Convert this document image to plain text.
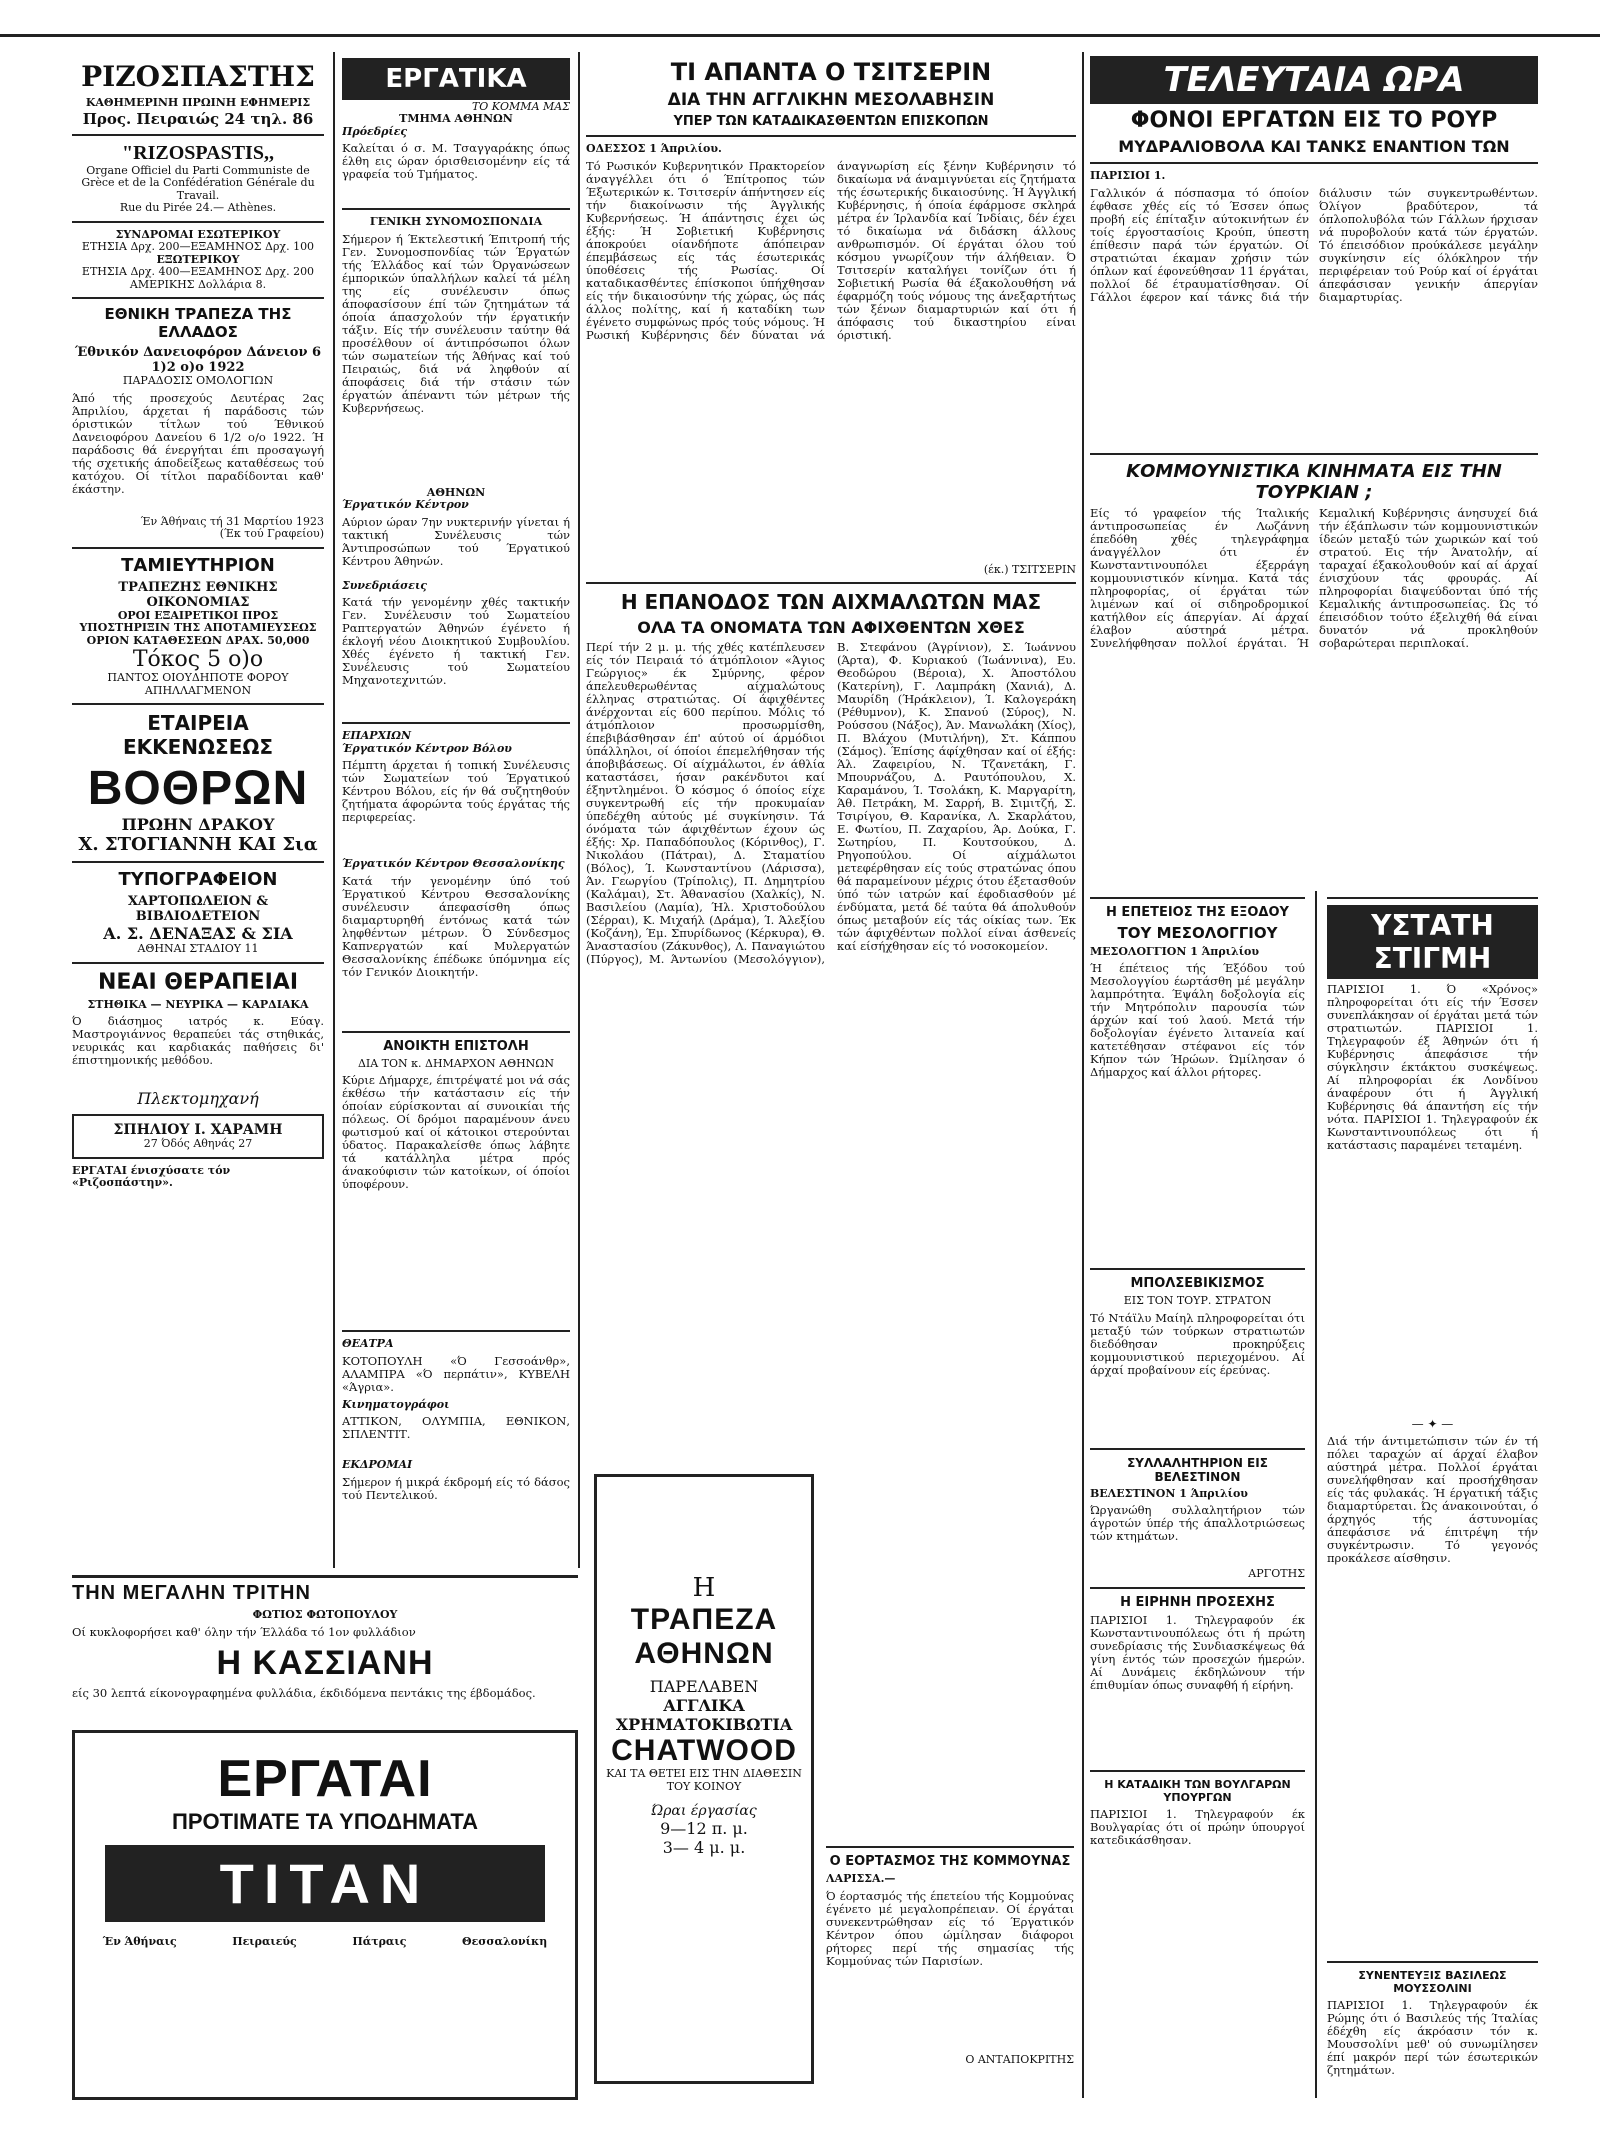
ΡΙΖΟΣΠΑΣΤΗΣ
ΚΑΘΗΜΕΡΙΝΗ ΠΡΩΙΝΗ ΕΦΗΜΕΡΙΣ
Προς. Πειραιώς 24 τηλ. 86
"RIZOSPASTIS,,
Organe Officiel du Parti Communiste de Grèce et de la Confédération Générale du Travail.
Rue du Pirée 24.— Athènes.
ΣΥΝΔΡΟΜΑΙ ΕΣΩΤΕΡΙΚΟΥ
ΕΤΗΣΙΑ Δρχ. 200—ΕΞΑΜΗΝΟΣ Δρχ. 100
ΕΞΩΤΕΡΙΚΟΥ
ΕΤΗΣΙΑ Δρχ. 400—ΕΞΑΜΗΝΟΣ Δρχ. 200 ΑΜΕΡΙΚΗΣ Δολλάρια 8.
ΕΘΝΙΚΗ ΤΡΑΠΕΖΑ ΤΗΣ ΕΛΛΑΔΟΣ
Έθνικόν Δανειοφόρον Δάνειον 6 1)2 ο)ο 1922
ΠΑΡΑΔΟΣΙΣ ΟΜΟΛΟΓΙΩΝ
Άπό τής προσεχούς Δευτέρας 2ας Άπριλίου, άρχεται ή παράδοσις τών όριστικών τίτλων τού Έθνικού Δανειοφόρου Δανείου 6 1/2 ο/ο 1922. Ή παράδοσις θά ένεργήται έπι προσαγωγή τής σχετικής άποδείξεως καταθέσεως τού κατόχου. Οί τίτλοι παραδίδονται καθ' έκάστην.
Έν Άθήναις τή 31 Μαρτίου 1923
(Έκ τού Γραφείου)
ΤΑΜΙΕΥΤΗΡΙΟΝ
ΤΡΑΠΕΖΗΣ ΕΘΝΙΚΗΣ ΟΙΚΟΝΟΜΙΑΣ
ΟΡΟΙ ΕΞΑΙΡΕΤΙΚΟΙ ΠΡΟΣ ΥΠΟΣΤΗΡΙΞΙΝ ΤΗΣ ΑΠΟΤΑΜΙΕΥΣΕΩΣ
ΟΡΙΟΝ ΚΑΤΑΘΕΣΕΩΝ ΔΡΑΧ. 50,000
Τόκος 5 ο)ο
ΠΑΝΤΟΣ ΟΙΟΥΔΗΠΟΤΕ ΦΟΡΟΥ ΑΠΗΛΛΑΓΜΕΝΟΝ
ΕΤΑΙΡΕΙΑ ΕΚΚΕΝΩΣΕΩΣ
ΒΟΘΡΩΝ
ΠΡΩΗΝ ΔΡΑΚΟΥ
Χ. ΣΤΟΓΙΑΝΝΗ ΚΑΙ Σια
ΤΥΠΟΓΡΑΦΕΙΟΝ
ΧΑΡΤΟΠΩΛΕΙΟΝ & ΒΙΒΛΙΟΔΕΤΕΙΟΝ
Α. Σ. ΔΕΝΑΞΑΣ & ΣΙΑ
ΑΘΗΝΑΙ ΣΤΑΔΙΟΥ 11
ΝΕΑΙ ΘΕΡΑΠΕΙΑΙ
ΣΤΗΘΙΚΑ — ΝΕΥΡΙΚΑ — ΚΑΡΔΙΑΚΑ
Ό διάσημος ιατρός κ. Εύαγ. Μαστρογιάννος θεραπεύει τάς στηθικάς, νευρικάς και καρδιακάς παθήσεις δι' έπιστημονικής μεθόδου.
Πλεκτομηχανή
ΣΠΗΛΙΟΥ Ι. ΧΑΡΑΜΗ
27 Όδός Αθηνάς 27
ΕΡΓΑΤΑΙ ένισχύσατε τόν «Ριζοσπάστην».
ΕΡΓΑΤΙΚΑ
ΤΟ ΚΟΜΜΑ ΜΑΣ
ΤΜΗΜΑ ΑΘΗΝΩΝ
Πρόεδρίες
Καλείται ό σ. Μ. Τσαγγαράκης όπως έλθη εις ώραν όρισθεισομένην είς τά γραφεία τού Τμήματος.
ΓΕΝΙΚΗ ΣΥΝΟΜΟΣΠΟΝΔΙΑ
Σήμερον ή Έκτελεστική Έπιτροπή τής Γεν. Συνομοσπονδίας τών Έργατών τής Έλλάδος καί τών Όργανώσεων έμπορικών ύπαλλήλων καλεί τά μέλη της είς συνέλευσιν όπως άποφασίσουν έπί τών ζητημάτων τά όποία άπασχολούν τήν έργατικήν τάξιν. Είς τήν συνέλευσιν ταύτην θά προσέλθουν οί άντιπρόσωποι όλων τών σωματείων τής Άθήνας καί τού Πειραιώς, διά νά ληφθούν αί άποφάσεις διά τήν στάσιν τών έργατών άπέναντι τών μέτρων τής Κυβερνήσεως.
ΑΘΗΝΩΝ
Έργατικόν Κέντρον
Αύριον ώραν 7ην νυκτερινήν γίνεται ή τακτική Συνέλευσις τών Άντιπροσώπων τού Έργατικού Κέντρου Άθηνών.
Συνεδριάσεις
Κατά τήν γενομένην χθές τακτικήν Γεν. Συνέλευσιν τού Σωματείου Ραπτεργατών Άθηνών έγένετο ή έκλογή νέου Διοικητικού Συμβουλίου. Χθές έγένετο ή τακτική Γεν. Συνέλευσις τού Σωματείου Μηχανοτεχνιτών.
ΕΠΑΡΧΙΩΝ
Έργατικόν Κέντρον Βόλου
Πέμπτη άρχεται ή τοπική Συνέλευσις τών Σωματείων τού Έργατικού Κέντρου Βόλου, είς ήν θά συζητηθούν ζητήματα άφορώντα τούς έργάτας τής περιφερείας.
Έργατικόν Κέντρον Θεσσαλονίκης
Κατά τήν γενομένην ύπό τού Έργατικού Κέντρου Θεσσαλονίκης συνέλευσιν άπεφασίσθη όπως διαμαρτυρηθή έντόνως κατά τών ληφθέντων μέτρων. Ό Σύνδεσμος Καπνεργατών καί Μυλεργατών Θεσσαλονίκης έπέδωκε ύπόμνημα είς τόν Γενικόν Διοικητήν.
ΑΝΟΙΚΤΗ ΕΠΙΣΤΟΛΗ
ΔΙΑ ΤΟΝ κ. ΔΗΜΑΡΧΟΝ ΑΘΗΝΩΝ
Κύριε Δήμαρχε, έπιτρέψατέ μοι νά σάς έκθέσω τήν κατάστασιν είς τήν όποίαν εύρίσκονται αί συνοικίαι τής πόλεως. Οί δρόμοι παραμένουν άνευ φωτισμού καί οί κάτοικοι στερούνται ύδατος. Παρακαλείσθε όπως λάβητε τά κατάλληλα μέτρα πρός άνακούφισιν τών κατοίκων, οί όποίοι ύποφέρουν.
ΘΕΑΤΡΑ
ΚΟΤΟΠΟΥΛΗ «Ό Γεσσοάνθρ», ΑΛΑΜΠΡΑ «Ό περπάτιν», ΚΥΒΕΛΗ «Άγρια».
Κινηματογράφοι
ΑΤΤΙΚΟΝ, ΟΛΥΜΠΙΑ, ΕΘΝΙΚΟΝ, ΣΠΛΕΝΤΙΤ.
ΕΚΔΡΟΜΑΙ
Σήμερον ή μικρά έκδρομή είς τό δάσος τού Πεντελικού.
ΤΙ ΑΠΑΝΤΑ Ο ΤΣΙΤΣΕΡΙΝ
ΔΙΑ ΤΗΝ ΑΓΓΛΙΚΗΝ ΜΕΣΟΛΑΒΗΣΙΝ
ΥΠΕΡ ΤΩΝ ΚΑΤΑΔΙΚΑΣΘΕΝΤΩΝ ΕΠΙΣΚΟΠΩΝ
ΟΔΕΣΣΟΣ 1 Άπριλίου.
Τό Ρωσικόν Κυβερνητικόν Πρακτορείον άναγγέλλει ότι ό Έπίτροπος τών Έξωτερικών κ. Τσιτσερίν άπήντησεν είς τήν διακοίνωσιν τής Άγγλικής Κυβερνήσεως. Ή άπάντησις έχει ώς έξής: Ή Σοβιετική Κυβέρνησις άποκρούει οίανδήποτε άπόπειραν έπεμβάσεως είς τάς έσωτερικάς ύποθέσεις τής Ρωσίας. Οί καταδικασθέντες έπίσκοποι ύπήχθησαν είς τήν δικαιοσύνην τής χώρας, ώς πάς άλλος πολίτης, καί ή καταδίκη των έγένετο συμφώνως πρός τούς νόμους. Ή Ρωσική Κυβέρνησις δέν δύναται νά άναγνωρίση είς ξένην Κυβέρνησιν τό δικαίωμα νά άναμιγνύεται είς ζητήματα τής έσωτερικής δικαιοσύνης. Ή Άγγλική Κυβέρνησις, ή όποία έφάρμοσε σκληρά μέτρα έν Ίρλανδία καί Ίνδίαις, δέν έχει τό δικαίωμα νά διδάσκη άλλους ανθρωπισμόν. Οί έργάται όλου τού κόσμου γνωρίζουν τήν άλήθειαν. Ό Τσιτσερίν καταλήγει τονίζων ότι ή Σοβιετική Ρωσία θά έξακολουθήση νά έφαρμόζη τούς νόμους της άνεξαρτήτως τών ξένων διαμαρτυριών καί ότι ή άπόφασις τού δικαστηρίου είναι όριστική.
(έκ.) ΤΣΙΤΣΕΡΙΝ
Η ΕΠΑΝΟΔΟΣ ΤΩΝ ΑΙΧΜΑΛΩΤΩΝ ΜΑΣ
ΟΛΑ ΤΑ ΟΝΟΜΑΤΑ ΤΩΝ ΑΦΙΧΘΕΝΤΩΝ ΧΘΕΣ
Περί τήν 2 μ. μ. τής χθές κατέπλευσεν είς τόν Πειραιά τό άτμόπλοιον «Άγιος Γεώργιος» έκ Σμύρνης, φέρον άπελευθερωθέντας αίχμαλώτους έλληνας στρατιώτας. Οί άφιχθέντες άνέρχονται είς 600 περίπου. Μόλις τό άτμόπλοιον προσωρμίσθη, έπεβιβάσθησαν έπ' αύτού οί άρμόδιοι ύπάλληλοι, οί όποίοι έπεμελήθησαν τής άποβιβάσεως. Οί αίχμάλωτοι, έν άθλία καταστάσει, ήσαν ρακένδυτοι καί έξηντλημένοι. Ό κόσμος ό όποίος είχε συγκεντρωθή είς τήν προκυμαίαν ύπεδέχθη αύτούς μέ συγκίνησιν. Τά όνόματα τών άφιχθέντων έχουν ώς έξής: Χρ. Παπαδόπουλος (Κόρινθος), Γ. Νικολάου (Πάτραι), Δ. Σταματίου (Βόλος), Ί. Κωνσταντίνου (Λάρισσα), Άν. Γεωργίου (Τρίπολις), Π. Δημητρίου (Καλάμαι), Στ. Άθανασίου (Χαλκίς), Ν. Βασιλείου (Λαμία), Ήλ. Χριστοδούλου (Σέρραι), Κ. Μιχαήλ (Δράμα), Ί. Άλεξίου (Κοζάνη), Έμ. Σπυρίδωνος (Κέρκυρα), Θ. Άναστασίου (Ζάκυνθος), Λ. Παναγιώτου (Πύργος), Μ. Άντωνίου (Μεσολόγγιον), Β. Στεφάνου (Άγρίνιον), Σ. Ίωάννου (Άρτα), Φ. Κυριακού (Ίωάννινα), Ευ. Θεοδώρου (Βέροια), Χ. Άποστόλου (Κατερίνη), Γ. Λαμπράκη (Χανιά), Δ. Μαυρίδη (Ήράκλειον), Ί. Καλογεράκη (Ρέθυμνον), Κ. Σπανού (Σύρος), Ν. Ρούσσου (Νάξος), Άν. Μανωλάκη (Χίος), Π. Βλάχου (Μυτιλήνη), Στ. Κάππου (Σάμος). Έπίσης άφίχθησαν καί οί έξής: Άλ. Ζαφειρίου, Ν. Τζανετάκη, Γ. Μπουρνάζου, Δ. Ραυτόπουλου, Χ. Καραμάνου, Ί. Τσολάκη, Κ. Μαργαρίτη, Άθ. Πετράκη, Μ. Σαρρή, Β. Σιμιτζή, Σ. Τσιρίγου, Θ. Καρανίκα, Λ. Σκαρλάτου, Ε. Φωτίου, Π. Ζαχαρίου, Άρ. Δούκα, Γ. Σωτηρίου, Π. Κουτσούκου, Δ. Ρηγοπούλου. Οί αίχμάλωτοι μετεφέρθησαν είς τούς στρατώνας όπου θά παραμείνουν μέχρις ότου έξετασθούν ύπό τών ιατρών καί έφοδιασθούν μέ ένδύματα, μετά δέ ταύτα θά άπολυθούν όπως μεταβούν είς τάς οίκίας των. Έκ τών άφιχθέντων πολλοί είναι άσθενείς καί είσήχθησαν είς τό νοσοκομείον.
Η
ΤΡΑΠΕΖΑ ΑΘΗΝΩΝ
ΠΑΡΕΛΑΒΕΝ
ΑΓΓΛΙΚΑ ΧΡΗΜΑΤΟΚΙΒΩΤΙΑ
CHATWOOD
ΚΑΙ ΤΑ ΘΕΤΕΙ ΕΙΣ ΤΗΝ ΔΙΑΘΕΣΙΝ ΤΟΥ ΚΟΙΝΟΥ
Ώραι έργασίας
9—12 π. μ.
3— 4 μ. μ.
Ο ΕΟΡΤΑΣΜΟΣ ΤΗΣ ΚΟΜΜΟΥΝΑΣ
ΛΑΡΙΣΣΑ.—
Ό έορτασμός τής έπετείου τής Κομμούνας έγένετο μέ μεγαλοπρέπειαν. Οί έργάται συνεκεντρώθησαν είς τό Έργατικόν Κέντρον όπου ώμίλησαν διάφοροι ρήτορες περί τής σημασίας τής Κομμούνας τών Παρισίων.
Ο ΑΝΤΑΠΟΚΡΙΤΗΣ
ΤΕΛΕΥΤΑΙΑ ΩΡΑ
ΦΟΝΟΙ ΕΡΓΑΤΩΝ ΕΙΣ ΤΟ ΡΟΥΡ
ΜΥΔΡΑΛΙΟΒΟΛΑ ΚΑΙ ΤΑΝΚΣ ΕΝΑΝΤΙΟΝ ΤΩΝ
ΠΑΡΙΣΙΟΙ 1.
Γαλλικόν ά πόσπασμα τό όποίον έφθασε χθές είς τό Έσσεν όπως προβή είς έπίταξιν αύτοκινήτων έν τοίς έργοστασίοις Κρούπ, ύπεστη έπίθεσιν παρά τών έργατών. Οί στρατιώται έκαμαν χρήσιν τών όπλων καί έφονεύθησαν 11 έργάται, πολλοί δέ έτραυματίσθησαν. Οί Γάλλοι έφερον καί τάνκς διά τήν διάλυσιν τών συγκεντρωθέντων. Όλίγον βραδύτερον, τά όπλοπολυβόλα τών Γάλλων ήρχισαν νά πυροβολούν κατά τών έργατών. Τό έπεισόδιον προύκάλεσε μεγάλην συγκίνησιν είς όλόκληρον τήν περιφέρειαν τού Ρούρ καί οί έργάται άπεφάσισαν γενικήν άπεργίαν διαμαρτυρίας.
ΚΟΜΜΟΥΝΙΣΤΙΚΑ ΚΙΝΗΜΑΤΑ ΕΙΣ ΤΗΝ ΤΟΥΡΚΙΑΝ ;
Είς τό γραφείον τής Ίταλικής άντιπροσωπείας έν Λωζάννη έπεδόθη χθές τηλεγράφημα άναγγέλλον ότι έν Κωνσταντινουπόλει έξερράγη κομμουνιστικόν κίνημα. Κατά τάς πληροφορίας, οί έργάται τών λιμένων καί οί σιδηροδρομικοί κατήλθον είς άπεργίαν. Αί άρχαί έλαβον αύστηρά μέτρα. Συνελήφθησαν πολλοί έργάται. Ή Κεμαλική Κυβέρνησις άνησυχεί διά τήν έξάπλωσιν τών κομμουνιστικών ίδεών μεταξύ τών χωρικών καί τού στρατού. Εις τήν Άνατολήν, αί ταραχαί έξακολουθούν καί αί άρχαί ένισχύουν τάς φρουράς. Αί πληροφορίαι διαψεύδονται ύπό τής Κεμαλικής άντιπροσωπείας. Ώς τό έπεισόδιον τούτο έξελιχθή θά είναι δυνατόν νά προκληθούν σοβαρώτεραι περιπλοκαί.
Η ΕΠΕΤΕΙΟΣ ΤΗΣ ΕΞΟΔΟΥ
ΤΟΥ ΜΕΣΟΛΟΓΓΙΟΥ
ΜΕΣΟΛΟΓΓΙΟΝ 1 Άπριλίου
Ή έπέτειος τής Έξόδου τού Μεσολογγίου έωρτάσθη μέ μεγάλην λαμπρότητα. Έψάλη δοξολογία είς τήν Μητρόπολιν παρουσία τών άρχών καί τού λαού. Μετά τήν δοξολογίαν έγένετο λιτανεία καί κατετέθησαν στέφανοι είς τόν Κήπον τών Ήρώων. Ώμίλησαν ό Δήμαρχος καί άλλοι ρήτορες.
ΜΠΟΛΣΕΒΙΚΙΣΜΟΣ
ΕΙΣ ΤΟΝ ΤΟΥΡ. ΣΤΡΑΤΟΝ
Τό Ντάϊλυ Μαίηλ πληροφορείται ότι μεταξύ τών τούρκων στρατιωτών διεδόθησαν προκηρύξεις κομμουνιστικού περιεχομένου. Αί άρχαί προβαίνουν είς έρεύνας.
ΣΥΛΛΑΛΗΤΗΡΙΟΝ ΕΙΣ ΒΕΛΕΣΤΙΝΟΝ
ΒΕΛΕΣΤΙΝΟΝ 1 Άπριλίου
Ώργανώθη συλλαλητήριον τών άγροτών ύπέρ τής άπαλλοτριώσεως τών κτημάτων.
ΑΡΓΟΤΗΣ
Η ΕΙΡΗΝΗ ΠΡΟΣΕΧΗΣ
ΠΑΡΙΣΙΟΙ 1. Τηλεγραφούν έκ Κωνσταντινουπόλεως ότι ή πρώτη συνεδρίασις τής Συνδιασκέψεως θά γίνη έντός τών προσεχών ήμερών. Αί Δυνάμεις έκδηλώνουν τήν έπιθυμίαν όπως συναφθή ή είρήνη.
Η ΚΑΤΑΔΙΚΗ ΤΩΝ ΒΟΥΛΓΑΡΩΝ ΥΠΟΥΡΓΩΝ
ΠΑΡΙΣΙΟΙ 1. Τηλεγραφούν έκ Βουλγαρίας ότι οί πρώην ύπουργοί κατεδικάσθησαν.
ΥΣΤΑΤΗ ΣΤΙΓΜΗ
ΠΑΡΙΣΙΟΙ 1. Ό «Χρόνος» πληροφορείται ότι είς τήν Έσσεν συνεπλάκησαν οί έργάται μετά τών στρατιωτών. ΠΑΡΙΣΙΟΙ 1. Τηλεγραφούν έξ Άθηνών ότι ή Κυβέρνησις άπεφάσισε τήν σύγκλησιν έκτάκτου συσκέψεως. Αί πληροφορίαι έκ Λονδίνου άναφέρουν ότι ή Άγγλική Κυβέρνησις θά άπαντήση είς τήν νότα. ΠΑΡΙΣΙΟΙ 1. Τηλεγραφούν έκ Κωνσταντινουπόλεως ότι ή κατάστασις παραμένει τεταμένη.
— ✦ —
Διά τήν άντιμετώπισιν τών έν τή πόλει ταραχών αί άρχαί έλαβον αύστηρά μέτρα. Πολλοί έργάται συνελήφθησαν καί προσήχθησαν είς τάς φυλακάς. Ή έργατική τάξις διαμαρτύρεται. Ώς άνακοινούται, ό άρχηγός τής άστυνομίας άπεφάσισε νά έπιτρέψη τήν συγκέντρωσιν. Τό γεγονός προκάλεσε αίσθησιν.
ΣΥΝΕΝΤΕΥΞΙΣ ΒΑΣΙΛΕΩΣ ΜΟΥΣΣΟΛΙΝΙ
ΠΑΡΙΣΙΟΙ 1. Τηλεγραφούν έκ Ρώμης ότι ό Βασιλεύς τής Ίταλίας έδέχθη είς άκρόασιν τόν κ. Μουσσολίνι μεθ' ού συνωμίλησεν έπί μακρόν περί τών έσωτερικών ζητημάτων.
ΤΗΝ ΜΕΓΑΛΗΝ ΤΡΙΤΗΝ
ΦΩΤΙΟΣ ΦΩΤΟΠΟΥΛΟΥ
Οί κυκλοφορήσει καθ' όλην τήν Έλλάδα τό 1ον φυλλάδιον
Η ΚΑΣΣΙΑΝΗ
είς 30 λεπτά είκονογραφημένα φυλλάδια, έκδιδόμενα πεντάκις της έβδομάδος.
ΕΡΓΑΤΑΙ
ΠΡΟΤΙΜΑΤΕ ΤΑ ΥΠΟΔΗΜΑΤΑ
ΤΙΤΑΝ
Έν Άθήναις	Πειραιεύς	Πάτραις	Θεσσαλονίκη
